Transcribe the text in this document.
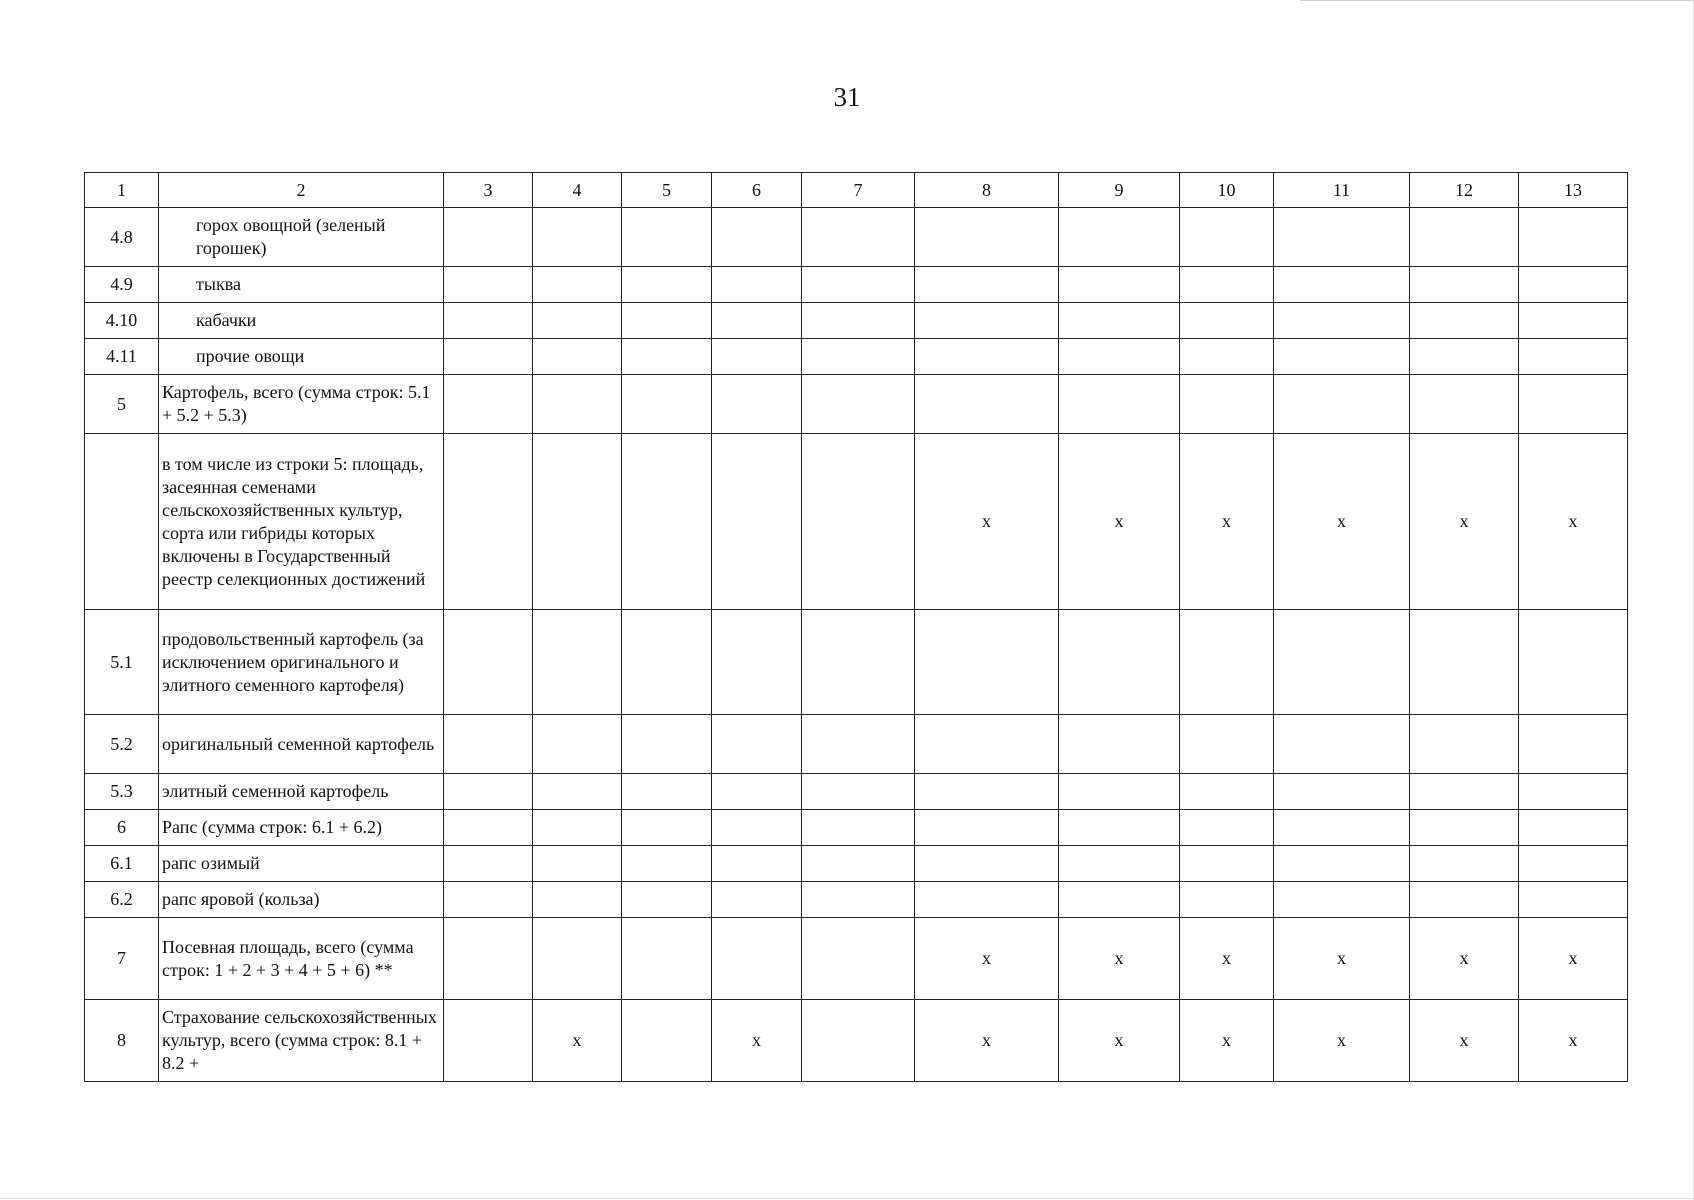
31
1	2	3	4	5	6	7	8	9	10	11	12	13
4.8	горох овощной (зеленый горошек)											
4.9	тыква											
4.10	кабачки											
4.11	прочие овощи											
5	Картофель, всего (сумма строк: 5.1 + 5.2 + 5.3)											
	в том числе из строки 5: площадь, засеянная семенами сельскохозяйственных культур, сорта или гибриды которых включены в Государственный реестр селекционных достижений						x	x	x	x	x	x
5.1	продовольственный картофель (за исключением оригинального и элитного семенного картофеля)											
5.2	оригинальный семенной картофель											
5.3	элитный семенной картофель											
6	Рапс (сумма строк: 6.1 + 6.2)											
6.1	рапс озимый											
6.2	рапс яровой (кольза)											
7	Посевная площадь, всего (сумма строк: 1 + 2 + 3 + 4 + 5 + 6) **						x	x	x	x	x	x
8	Страхование сельскохозяйственных культур, всего (сумма строк: 8.1 + 8.2 +		x		x		x	x	x	x	x	x
